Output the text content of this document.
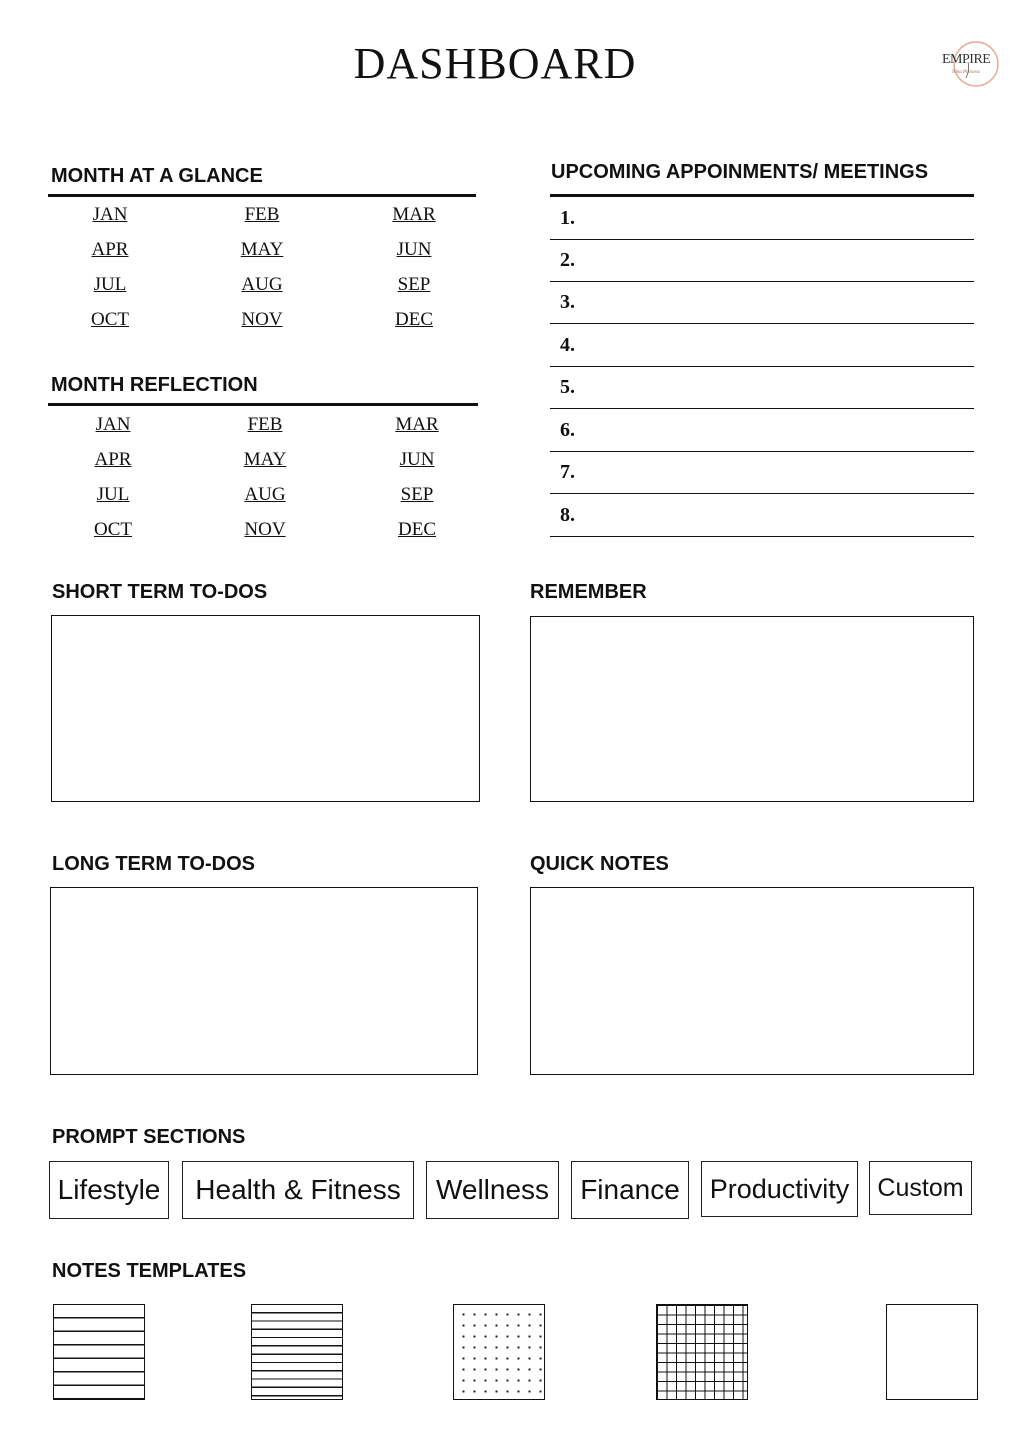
DASHBOARD	EMPIRE
Nina Princess
MONTH AT A GLANCE
JAN	FEB	MAR
APR	MAY	JUN
JUL	AUG	SEP
OCT	NOV	DEC
MONTH REFLECTION
JAN	FEB	MAR
APR	MAY	JUN
JUL	AUG	SEP
OCT	NOV	DEC
UPCOMING APPOINMENTS/ MEETINGS
1.
2.
3.
4.
5.
6.
7.
8.
SHORT TERM TO-DOS	REMEMBER
LONG TERM TO-DOS	QUICK NOTES
PROMPT SECTIONS
Lifestyle	Health & Fitness	Wellness	Finance	Productivity	Custom
NOTES TEMPLATES
